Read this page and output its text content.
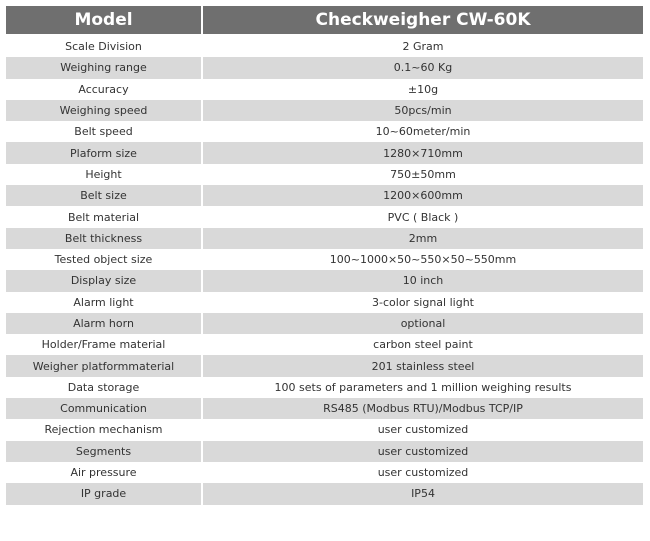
Model	Checkweigher CW-60K
Scale Division	2 Gram
Weighing range	0.1~60 Kg
Accuracy	±10g
Weighing speed	50pcs/min
Belt speed	10~60meter/min
Plaform size	1280×710mm
Height	750±50mm
Belt size	1200×600mm
Belt material	PVC ( Black )
Belt thickness	2mm
Tested object size	100~1000×50~550×50~550mm
Display size	10 inch
Alarm light	3-color signal light
Alarm horn	optional
Holder/Frame material	carbon steel paint
Weigher platformmaterial	201 stainless steel
Data storage	100 sets of parameters and 1 million weighing results
Communication	RS485 (Modbus RTU)/Modbus TCP/IP
Rejection mechanism	user customized
Segments	user customized
Air pressure	user customized
IP grade	IP54
